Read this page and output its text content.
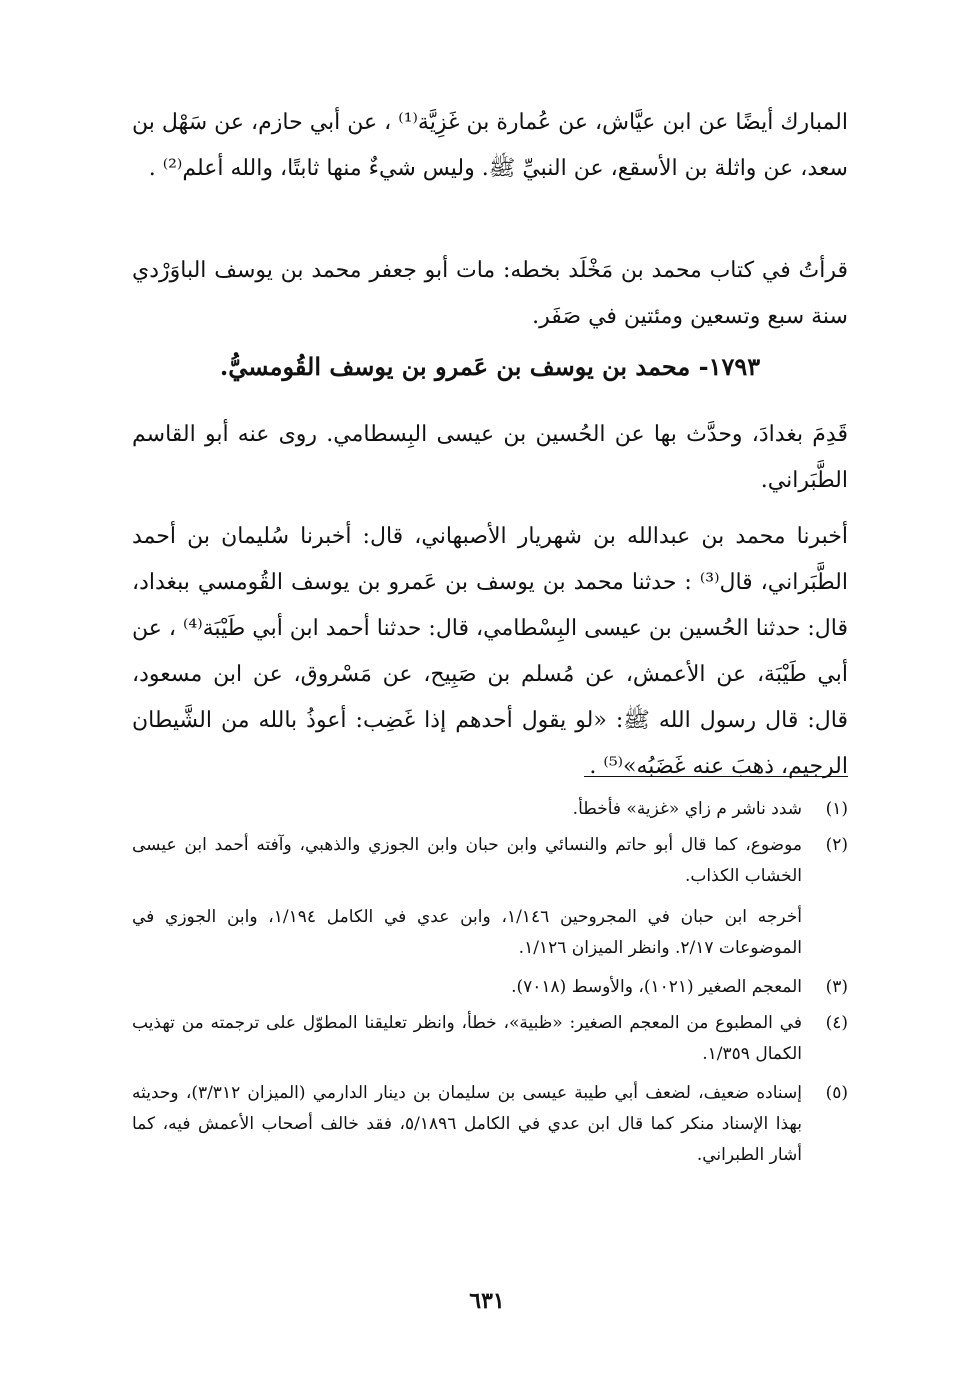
المبارك أيضًا عن ابن عيَّاش، عن عُمارة بن غَزِيَّة⁽¹⁾ ، عن أبي حازم، عن سَهْل بن سعد، عن واثلة بن الأسقع، عن النبيِّ ﷺ. وليس شيءٌ منها ثابتًا، والله أعلم⁽²⁾ .

قرأتُ في كتاب محمد بن مَخْلَد بخطه: مات أبو جعفر محمد بن يوسف الباوَرْدي سنة سبع وتسعين ومئتين في صَفَر.

١٧٩٣- محمد بن يوسف بن عَمرو بن يوسف القُومسيُّ.

قَدِمَ بغدادَ، وحدَّث بها عن الحُسين بن عيسى البِسطامي. روى عنه أبو القاسم الطَّبَراني.

أخبرنا محمد بن عبدالله بن شهريار الأصبهاني، قال: أخبرنا سُليمان بن أحمد الطَّبَراني، قال⁽³⁾ : حدثنا محمد بن يوسف بن عَمرو بن يوسف القُومسي ببغداد، قال: حدثنا الحُسين بن عيسى البِسْطامي، قال: حدثنا أحمد ابن أبي طَيْبَة⁽⁴⁾ ، عن أبي طَيْبَة، عن الأعمش، عن مُسلم بن صَبِيح، عن مَسْروق، عن ابن مسعود، قال: قال رسول الله ﷺ: «لو يقول أحدهم إذا غَضِب: أعوذُ بالله من الشَّيطان الرجيم، ذهبَ عنه غَضَبُه»⁽⁵⁾ .

(١)
شدد ناشر م زاي «غزية» فأخطأ.
(٢)
موضوع، كما قال أبو حاتم والنسائي وابن حبان وابن الجوزي والذهبي، وآفته أحمد ابن عيسى الخشاب الكذاب.
أخرجه ابن حبان في المجروحين ١/١٤٦، وابن عدي في الكامل ١/١٩٤، وابن الجوزي في الموضوعات ٢/١٧. وانظر الميزان ١/١٢٦.
(٣)
المعجم الصغير (١٠٢١)، والأوسط (٧٠١٨).
(٤)
في المطبوع من المعجم الصغير: «ظبية»، خطأ، وانظر تعليقنا المطوّل على ترجمته من تهذيب الكمال ١/٣٥٩.
(٥)
إسناده ضعيف، لضعف أبي طيبة عيسى بن سليمان بن دينار الدارمي (الميزان ٣/٣١٢)، وحديثه بهذا الإسناد منكر كما قال ابن عدي في الكامل ٥/١٨٩٦، فقد خالف أصحاب الأعمش فيه، كما أشار الطبراني.
٦٣١
